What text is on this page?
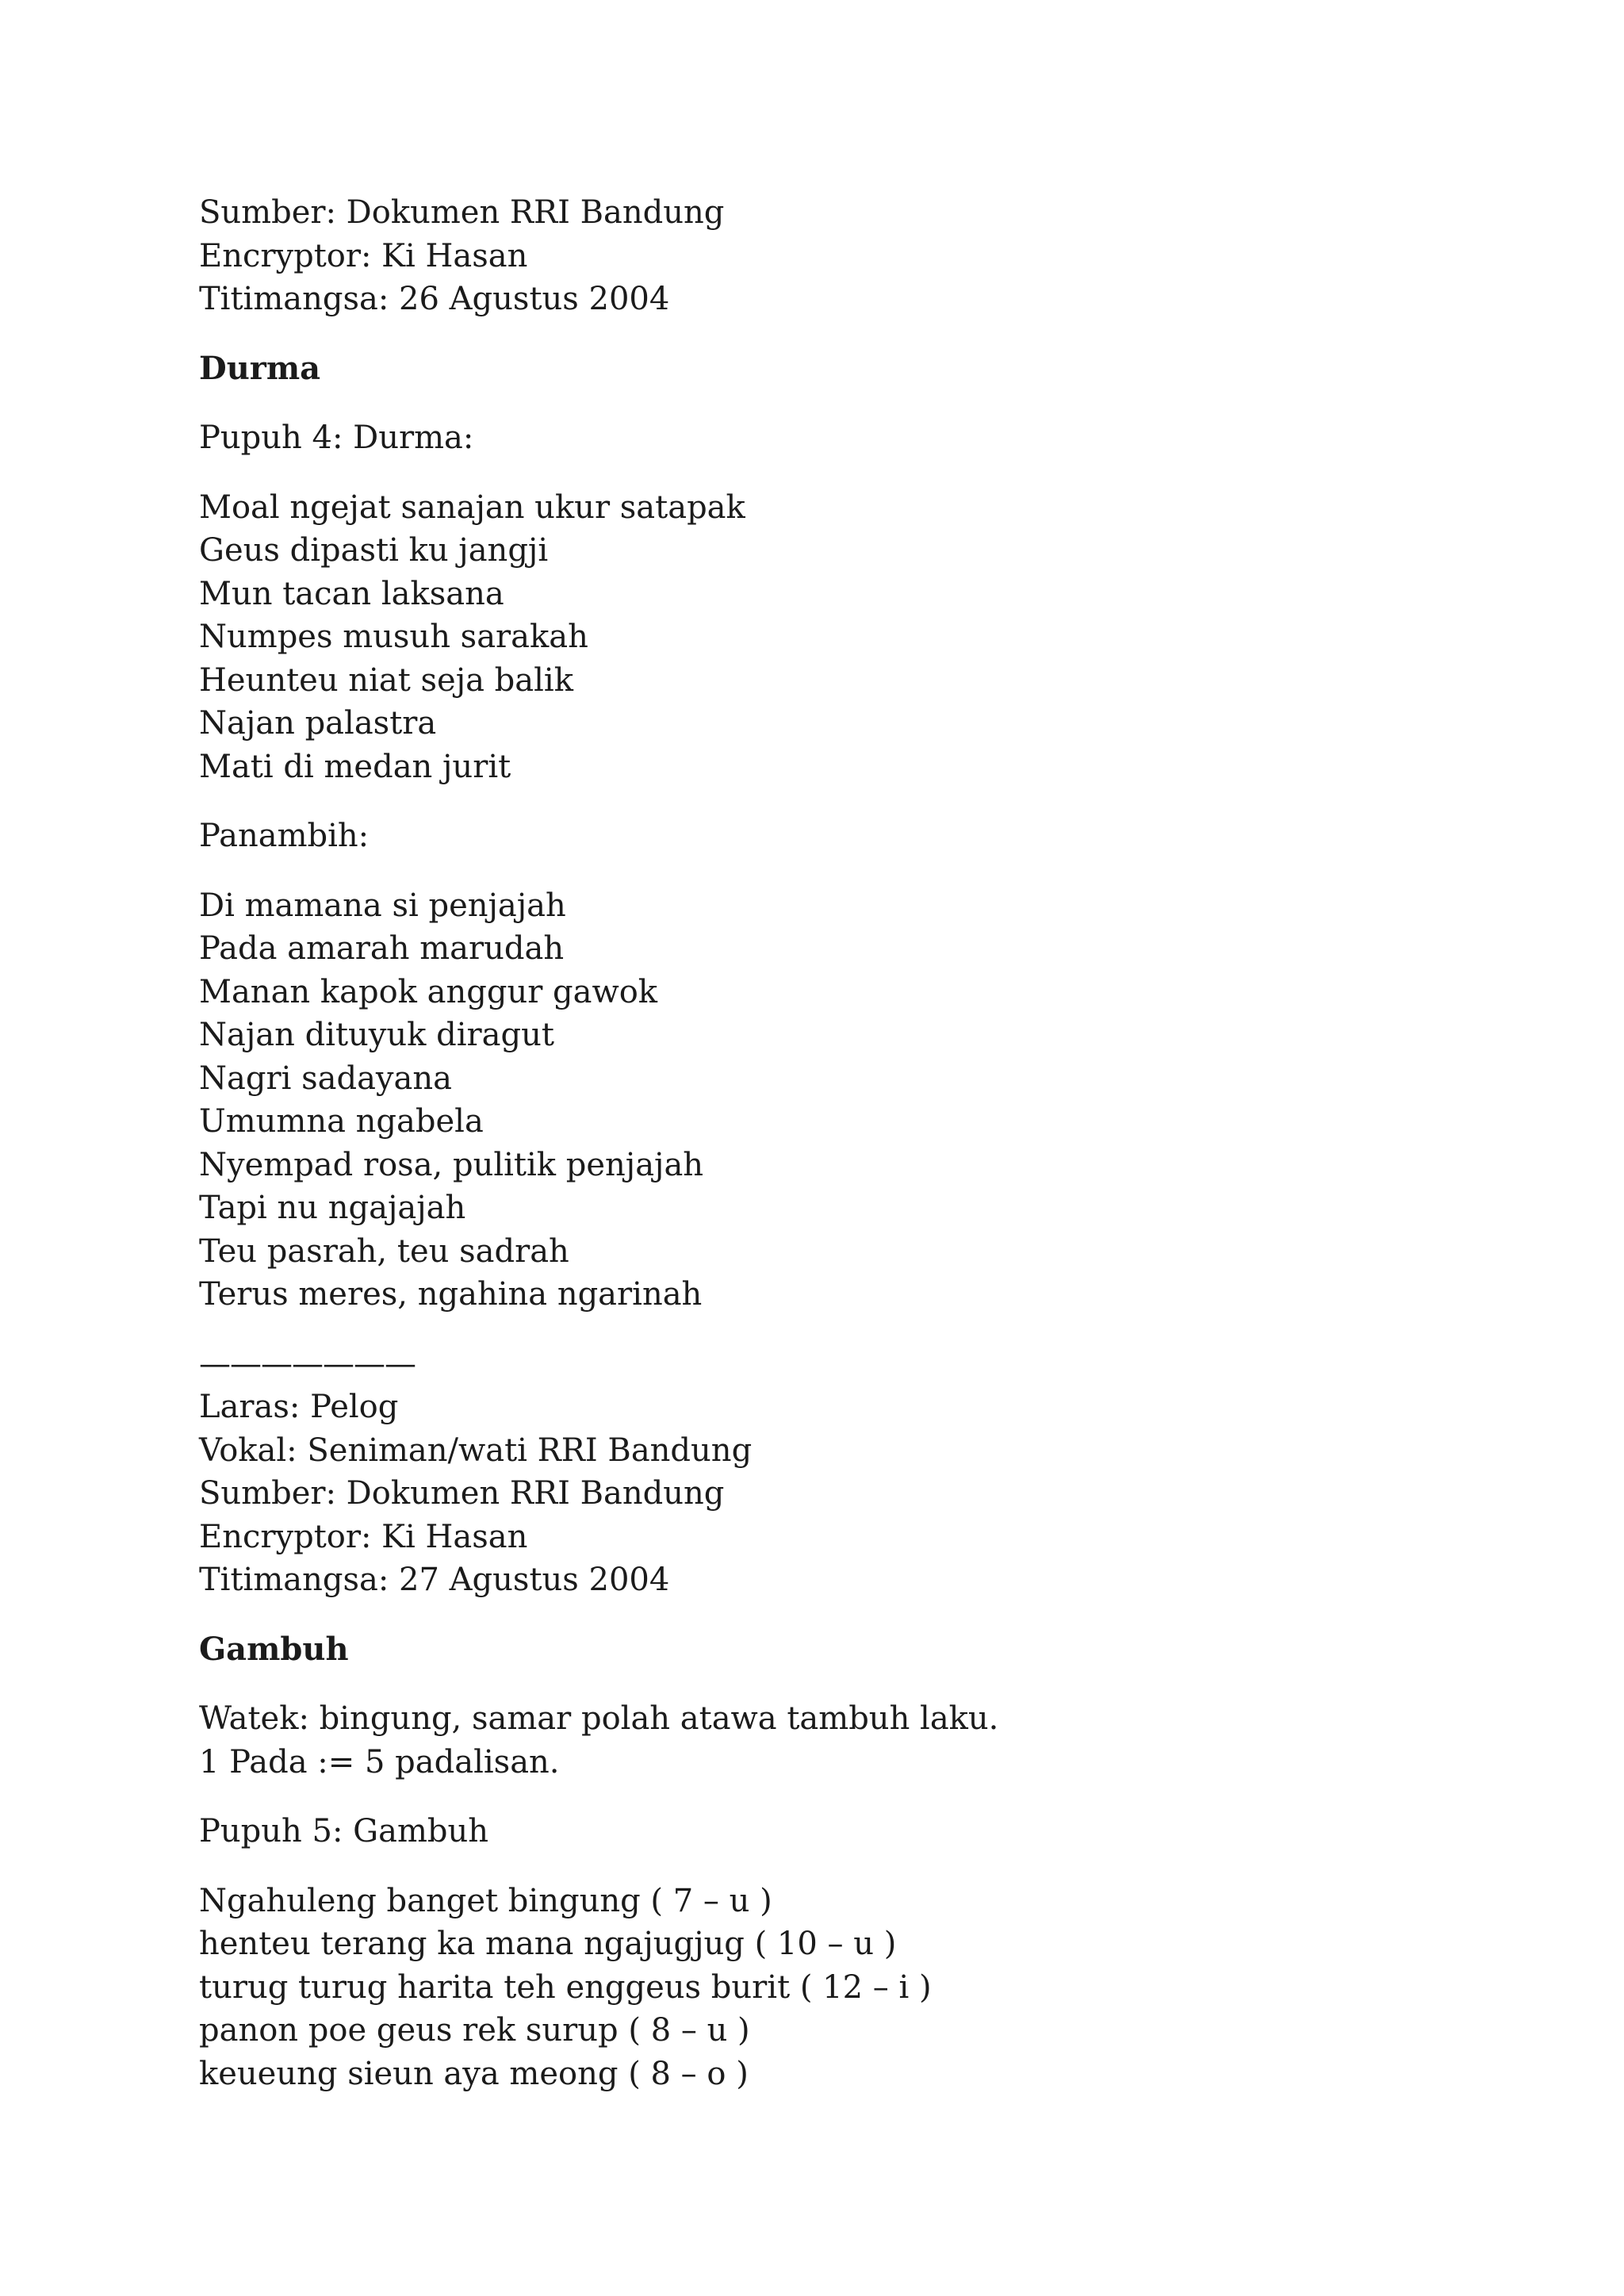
Sumber: Dokumen RRI Bandung
Encryptor: Ki Hasan
Titimangsa: 26 Agustus 2004
Durma
Pupuh 4: Durma:
Moal ngejat sanajan ukur satapak
Geus dipasti ku jangji
Mun tacan laksana
Numpes musuh sarakah
Heunteu niat seja balik
Najan palastra
Mati di medan jurit
Panambih:
Di mamana si penjajah
Pada amarah marudah
Manan kapok anggur gawok
Najan dituyuk diragut
Nagri sadayana
Umumna ngabela
Nyempad rosa, pulitik penjajah
Tapi nu ngajajah
Teu pasrah, teu sadrah
Terus meres, ngahina ngarinah
———————
Laras: Pelog
Vokal: Seniman/wati RRI Bandung
Sumber: Dokumen RRI Bandung
Encryptor: Ki Hasan
Titimangsa: 27 Agustus 2004
Gambuh
Watek: bingung, samar polah atawa tambuh laku.
1 Pada := 5 padalisan.
Pupuh 5: Gambuh
Ngahuleng banget bingung ( 7 – u )
henteu terang ka mana ngajugjug ( 10 – u )
turug turug harita teh enggeus burit ( 12 – i )
panon poe geus rek surup ( 8 – u )
keueung sieun aya meong ( 8 – o )
